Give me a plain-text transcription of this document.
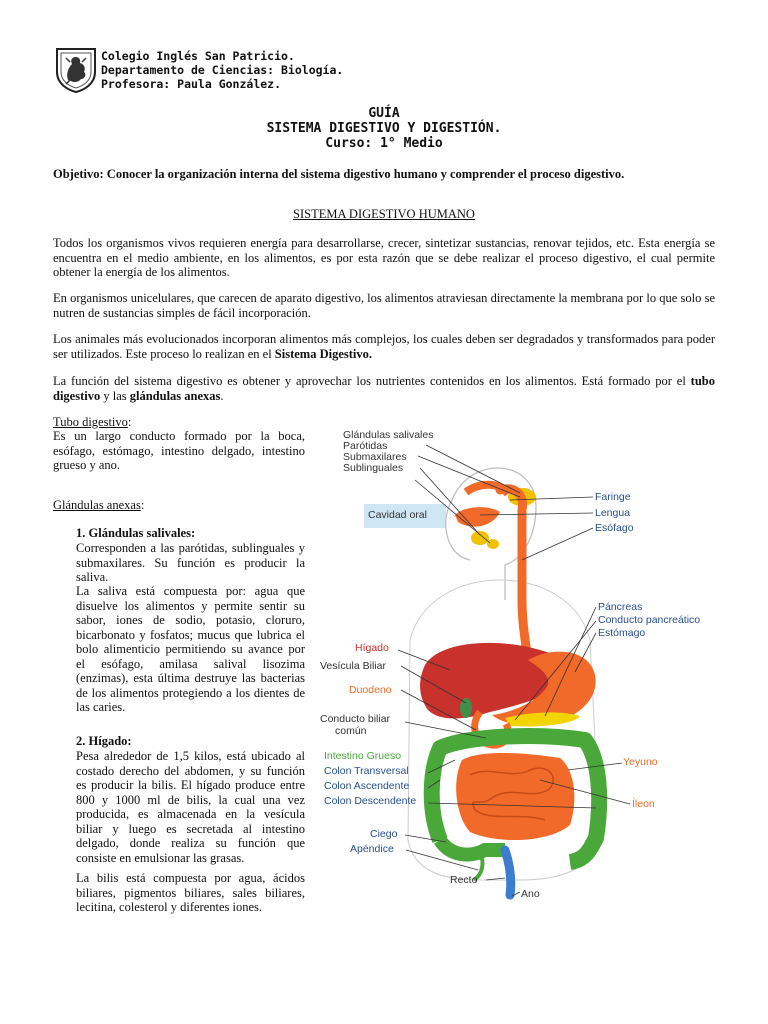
Colegio Inglés San Patricio.
Departamento de Ciencias: Biología.
Profesora: Paula González.
GUÍA
SISTEMA DIGESTIVO Y DIGESTIÓN.
Curso: 1° Medio
Objetivo: Conocer la organización interna del sistema digestivo humano y comprender el proceso digestivo.
SISTEMA DIGESTIVO HUMANO
Todos los organismos vivos requieren energía para desarrollarse, crecer, sintetizar sustancias, renovar tejidos, etc. Esta energía se encuentra en el medio ambiente, en los alimentos, es por esta razón que se debe realizar el proceso digestivo, el cual permite obtener la energía de los alimentos.
En organismos unicelulares, que carecen de aparato digestivo, los alimentos atraviesan directamente la membrana por lo que solo se nutren de sustancias simples de fácil incorporación.
Los animales más evolucionados incorporan alimentos más complejos, los cuales deben ser degradados y transformados para poder ser utilizados. Este proceso lo realizan en el Sistema Digestivo.
La función del sistema digestivo es obtener y aprovechar los nutrientes contenidos en los alimentos. Está formado por el tubo digestivo y las glándulas anexas.
Tubo digestivo:
Es un largo conducto formado por la boca, esófago, estómago, intestino delgado, intestino grueso y ano.
Glándulas anexas:
1. Glándulas salivales:
Corresponden a las parótidas, sublinguales y submaxilares. Su función es producir la saliva.
La saliva está compuesta por: agua que disuelve los alimentos y permite sentir su sabor, iones de sodio, potasio, cloruro, bicarbonato y fosfatos; mucus que lubrica el bolo alimenticio permitiendo su avance por el esófago, amilasa salival lisozima (enzimas), esta última destruye las bacterias de los alimentos protegiendo a los dientes de las caries.
2. Hígado:
Pesa alrededor de 1,5 kilos, está ubicado al costado derecho del abdomen, y su función es producir la bilis. El hígado produce entre 800 y 1000 ml de bilis, la cual una vez producida, es almacenada en la vesícula biliar y luego es secretada al intestino delgado, donde realiza su función que consiste en emulsionar las grasas.
La bilis está compuesta por agua, ácidos biliares, pigmentos biliares, sales biliares, lecitina, colesterol y diferentes iones.
Glándulas salivales
Parótidas
Submaxilares
Sublinguales
Cavidad oral
Faringe
Lengua
Esófago
Páncreas
Conducto pancreático
Estómago
Hígado
Vesícula Biliar
Duodeno
Conducto biliar
común
Intestino Grueso
Colon Transversal
Colon Ascendente
Colon Descendente
Yeyuno
Íleon
Ciego
Apéndice
Recto
Ano
